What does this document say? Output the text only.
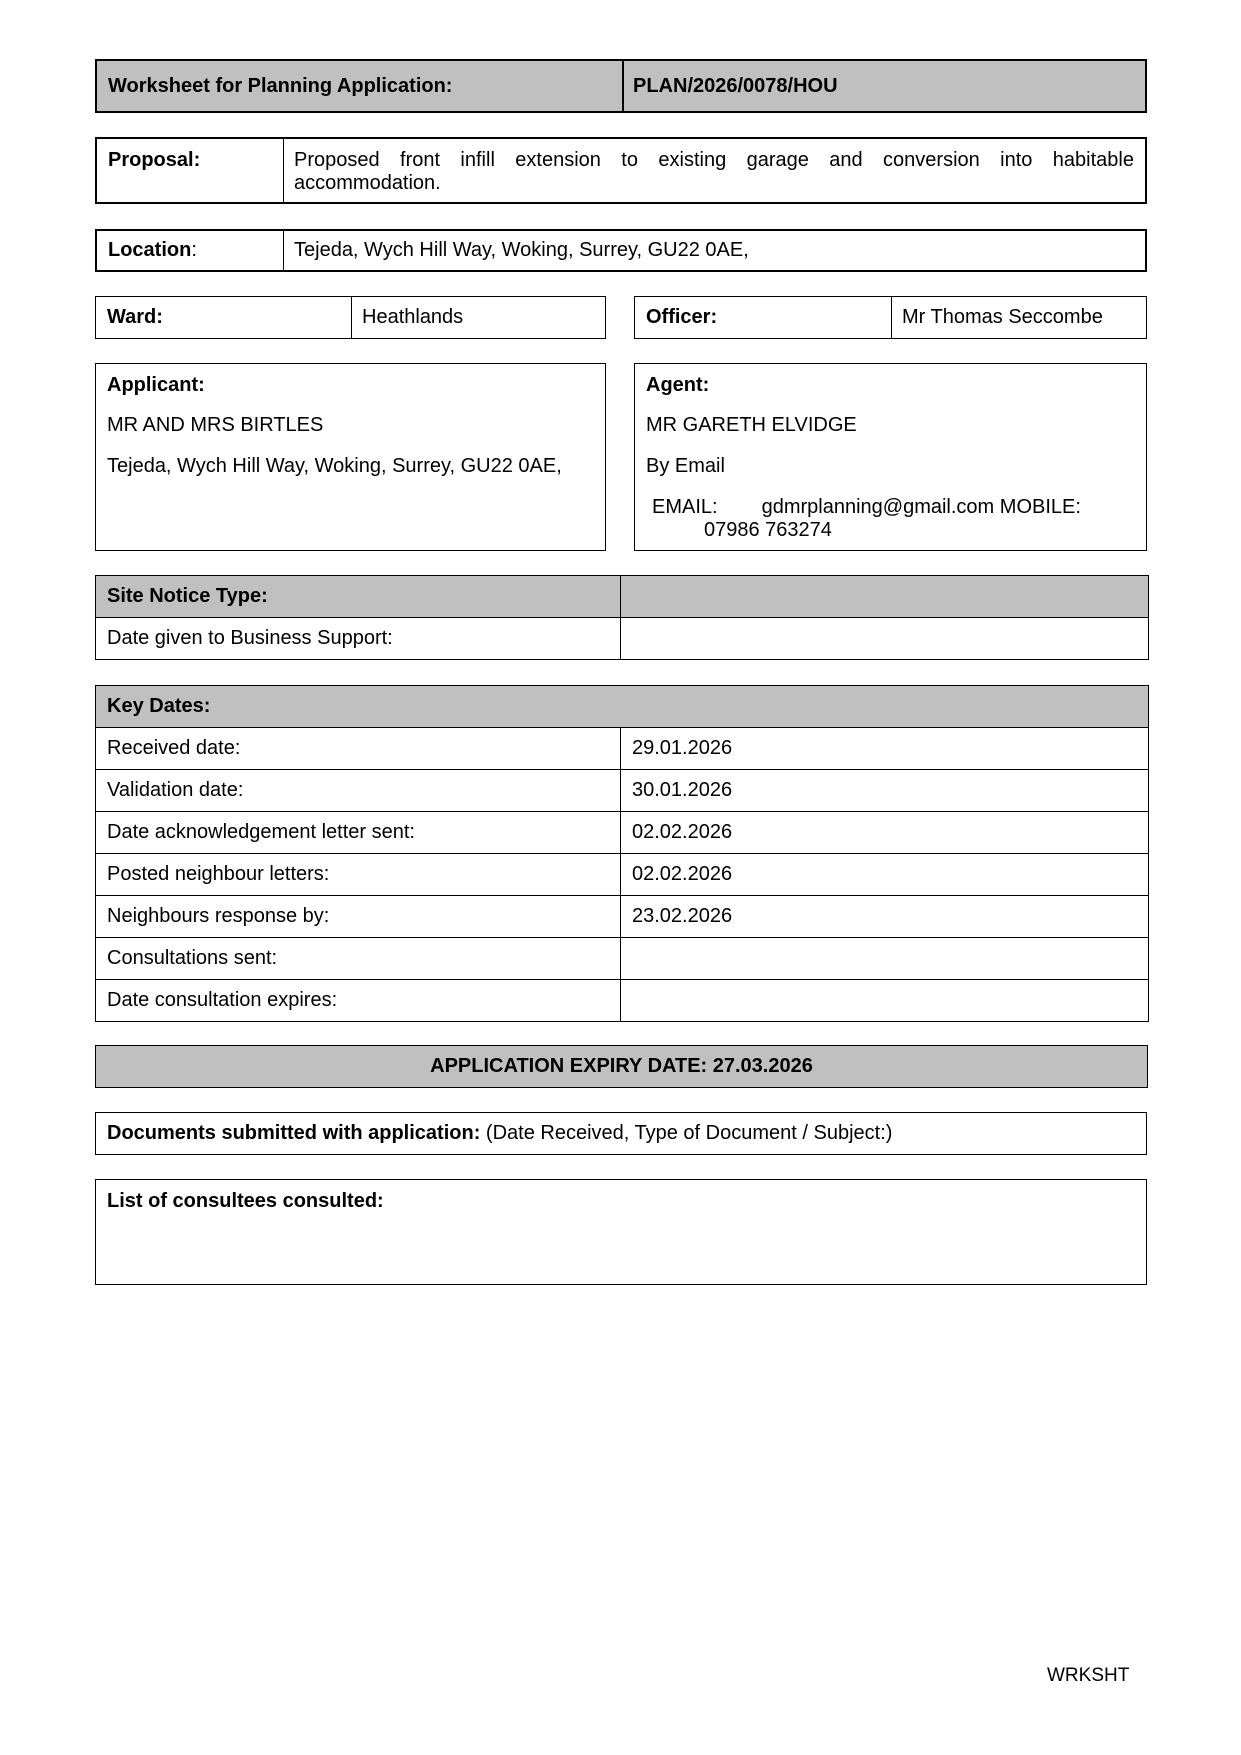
Worksheet for Planning Application:	PLAN/2026/0078/HOU
Proposal:	Proposed front infill extension to existing garage and conversion into habitable accommodation.

Location :	Tejeda, Wych Hill Way, Woking, Surrey, GU22 0AE,
Ward:	Heathlands	Officer:	Mr Thomas Seccombe
Applicant:
MR AND MRS BIRTLES
Tejeda, Wych Hill Way, Woking, Surrey, GU22 0AE,
Agent:
MR GARETH ELVIDGE
By Email
EMAIL: gdmrplanning@gmail.com MOBILE:
07986 763274
Site Notice Type:	
Date given to Business Support:	
Key Dates:	
Received date:	29.01.2026
Validation date:	30.01.2026
Date acknowledgement letter sent:	02.02.2026
Posted neighbour letters:	02.02.2026
Neighbours response by:	23.02.2026
Consultations sent:	
Date consultation expires:	
APPLICATION EXPIRY DATE: 27.03.2026
Documents submitted with application:
(Date Received, Type of Document / Subject:)
List of consultees consulted:
WRKSHT
